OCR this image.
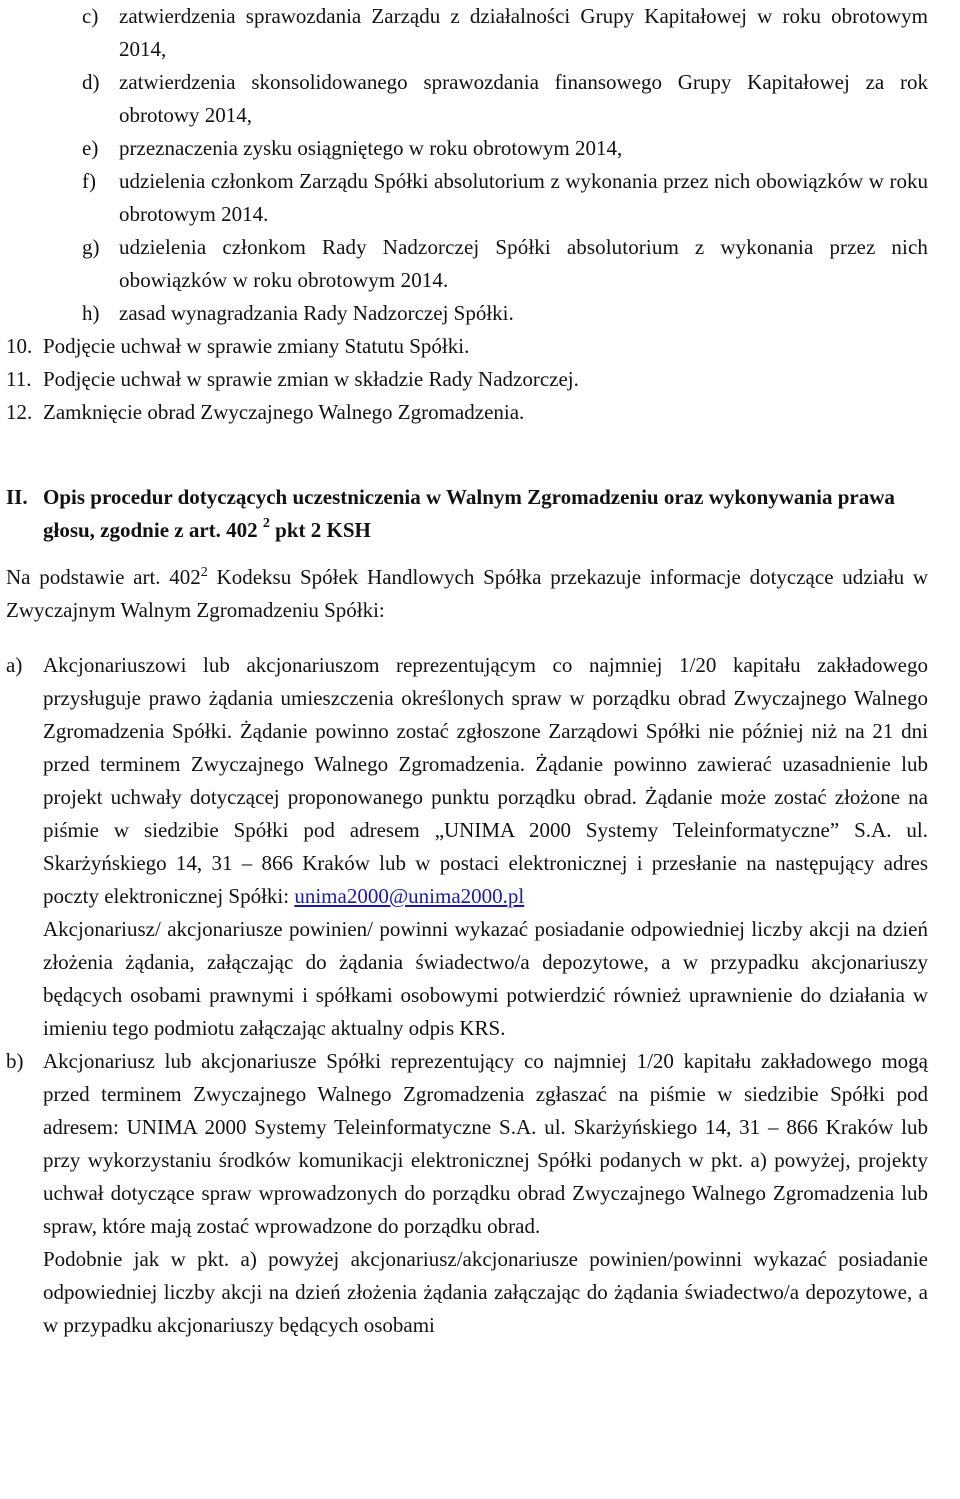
c) zatwierdzenia sprawozdania Zarządu z działalności Grupy Kapitałowej w roku obrotowym 2014,
d) zatwierdzenia skonsolidowanego sprawozdania finansowego Grupy Kapitałowej za rok obrotowy 2014,
e) przeznaczenia zysku osiągniętego w roku obrotowym 2014,
f)	udzielenia członkom Zarządu Spółki absolutorium z wykonania przez nich obowiązków w roku obrotowym 2014.
g) udzielenia członkom Rady Nadzorczej Spółki absolutorium z wykonania przez nich obowiązków w roku obrotowym 2014.
h) zasad wynagradzania Rady Nadzorczej Spółki.
10. Podjęcie uchwał w sprawie zmiany Statutu Spółki.
11. Podjęcie uchwał w sprawie zmian w składzie Rady Nadzorczej.
12. Zamknięcie obrad Zwyczajnego Walnego Zgromadzenia.
II. Opis procedur dotyczących uczestniczenia w Walnym Zgromadzeniu oraz wykonywania prawa głosu, zgodnie z art. 402 $^2$ pkt 2 KSH
Na podstawie art. $402^2$ Kodeksu Spółek Handlowych Spółka przekazuje informacje dotyczące udziału w Zwyczajnym Walnym Zgromadzeniu Spółki:
a) Akcjonariuszowi lub akcjonariuszom reprezentującym co najmniej 1/20 kapitału zakładowego przysługuje prawo żądania umieszczenia określonych spraw w porządku obrad Zwyczajnego Walnego Zgromadzenia Spółki. Żądanie powinno zostać zgłoszone Zarządowi Spółki nie później niż na 21 dni przed terminem Zwyczajnego Walnego Zgromadzenia. Żądanie powinno zawierać uzasadnienie lub projekt uchwały dotyczącej proponowanego punktu porządku obrad. Żądanie może zostać złożone na piśmie w siedzibie Spółki pod adresem „UNIMA 2000 Systemy Teleinformatyczne” S.A. ul. Skarżyńskiego 14, 31 – 866 Kraków lub w postaci elektronicznej i przesłanie na następujący adres poczty elektronicznej Spółki: unima2000@unima2000.pl

Akcjonariusz/ akcjonariusze powinien/ powinni wykazać posiadanie odpowiedniej liczby akcji na dzień złożenia żądania, załączając do żądania świadectwo/a depozytowe, a w przypadku akcjonariuszy będących osobami prawnymi i spółkami osobowymi potwierdzić również uprawnienie do działania w imieniu tego podmiotu załączając aktualny odpis KRS.

b) Akcjonariusz lub akcjonariusze Spółki reprezentujący co najmniej 1/20 kapitału zakładowego mogą przed terminem Zwyczajnego Walnego Zgromadzenia zgłaszać na piśmie w siedzibie Spółki pod adresem: UNIMA 2000 Systemy Teleinformatyczne S.A. ul. Skarżyńskiego 14, 31 – 866 Kraków lub przy wykorzystaniu środków komunikacji elektronicznej Spółki podanych w pkt. a) powyżej, projekty uchwał dotyczące spraw wprowadzonych do porządku obrad Zwyczajnego Walnego Zgromadzenia lub spraw, które mają zostać wprowadzone do porządku obrad.

Podobnie jak w pkt. a) powyżej akcjonariusz/akcjonariusze powinien/powinni wykazać posiadanie odpowiedniej liczby akcji na dzień złożenia żądania załączając do żądania świadectwo/a depozytowe, a w przypadku akcjonariuszy będących osobami
